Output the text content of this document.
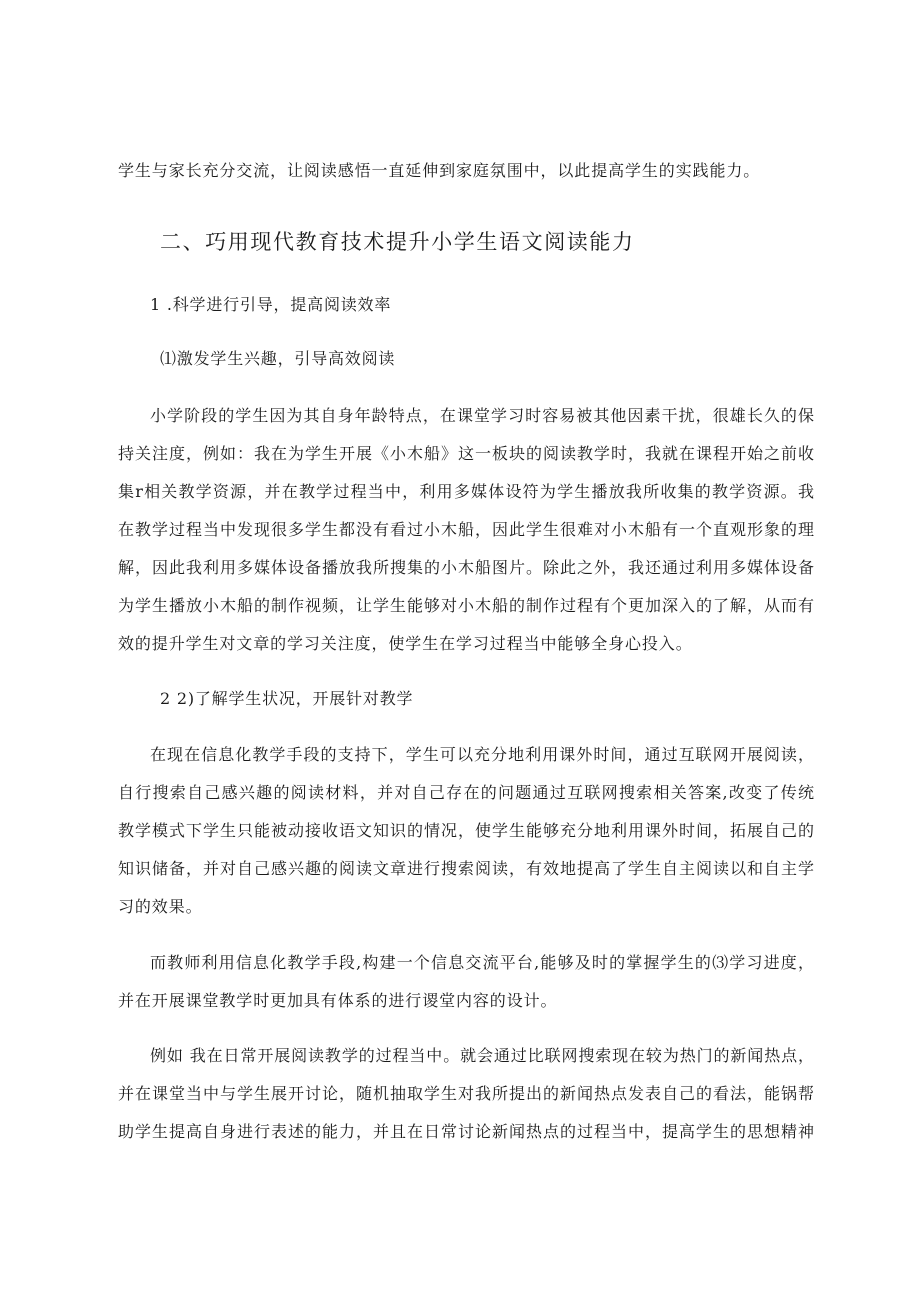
学生与家长充分交流，让阅读感悟一直延伸到家庭氛围中，以此提高学生的实践能力。
二、巧用现代教育技术提升小学生语文阅读能力
1 .科学进行引导，提高阅读效率
⑴激发学生兴趣，引导高效阅读
小学阶段的学生因为其自身年龄特点，在课堂学习时容易被其他因素干扰，很雄长久的保
持关注度，例如：我在为学生开展《小木船》这一板块的阅读教学时，我就在课程开始之前收
集r相关教学资源，并在教学过程当中，利用多媒体设符为学生播放我所收集的教学资源。我
在教学过程当中发现很多学生都没有看过小木船，因此学生很难对小木船有一个直观形象的理
解，因此我利用多媒体设备播放我所搜集的小木船图片。除此之外，我还通过利用多媒体设备
为学生播放小木船的制作视频，让学生能够对小木船的制作过程有个更加深入的了解，从而有
效的提升学生对文章的学习关注度，使学生在学习过程当中能够全身心投入。
2 2)了解学生状况，开展针对教学
在现在信息化教学手段的支持下，学生可以充分地利用课外时间，通过互联网开展阅读，
自行搜索自己感兴趣的阅读材料，并对自己存在的问题通过互联网搜索相关答案,改变了传统
教学模式下学生只能被动接收语文知识的情况，使学生能够充分地利用课外时间，拓展自己的
知识储备，并对自己感兴趣的阅读文章进行搜索阅读，有效地提高了学生自主阅读以和自主学
习的效果。
而教师利用信息化教学手段,构建一个信息交流平台,能够及时的掌握学生的⑶学习进度，
并在开展课堂教学时更加具有体系的进行谡堂内容的设计。
例如 我在日常开展阅读教学的过程当中。就会通过比联网搜索现在较为热门的新闻热点，
并在课堂当中与学生展开讨论，随机抽取学生对我所提出的新闻热点发表自己的看法，能锅帮
助学生提高自身进行表述的能力，并且在日常讨论新闻热点的过程当中，提高学生的思想精神
